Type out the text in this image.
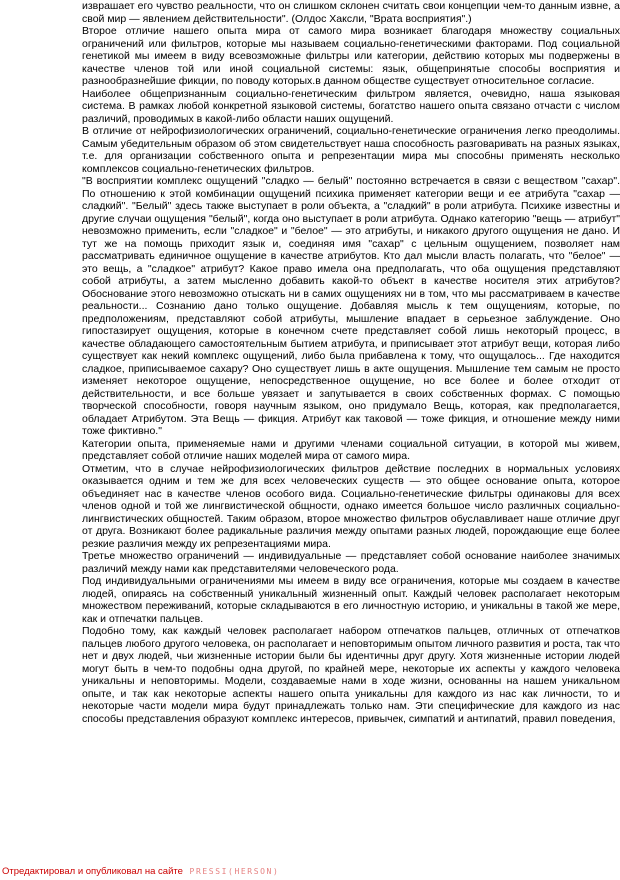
изврашает его чувство реальности, что он слишком склонен считать свои концепции чем-то данным извне, а свой мир — явлением действительности". (Олдос Хаксли, "Врата восприятия".)

Второе отличие нашего опыта мира от самого мира возникает благодаря множеству социальных ограничений или фильтров, которые мы называем социально-генетическими факторами. Под социальной генетикой мы имеем в виду всевозможные фильтры или категории, действию которых мы подвержены в качестве членов той или иной социальной системы: язык, общепринятые способы восприятия и разнообразнейшие фикции, по поводу которых.в данном обществе существует относительное согласие.

Наиболее общепризнанным социально-генетическим фильтром является, очевидно, наша языковая система. В рамках любой конкретной языковой системы, богатство нашего опыта связано отчасти с числом различий, проводимых в какой-либо области наших ощущений.

В отличие от нейрофизиологических ограничений, социально-генетические ограничения легко преодолимы. Самым убедительным образом об этом свидетельствует наша способность разговаривать на разных языках, т.е. для организации собственного опыта и репрезентации мира мы способны применять несколько комплексов социально-генетических фильтров.

"В восприятии комплекс ощущений "сладко — белый" постоянно встречается в связи с веществом "сахар". По отношению к этой комбинации ощущений психика применяет категории вещи и ее атрибута "сахар — сладкий". "Белый" здесь также выступает в роли объекта, а "сладкий" в роли атрибута. Психике известны и другие случаи ощущения "белый", когда оно выступает в роли атрибута. Однако категорию "вещь — атрибут" невозможно применить, если "сладкое" и "белое" — это атрибуты, и никакого другого ощущения не дано. И тут же на помощь приходит язык и, соединяя имя "сахар" с цельным ощущением, позволяет нам рассматривать единичное ощущение в качестве атрибутов. Кто дал мысли власть полагать, что "белое" — это вещь, а "сладкое" атрибут? Какое право имела она предполагать, что оба ощущения представляют собой атрибуты, а затем мысленно добавить какой-то объект в качестве носителя этих атрибутов? Обоснование этого невозможно отыскать ни в самих ощущениях ни в том, что мы рассматриваем в качестве реальности... Сознанию дано только ощущение. Добавляя мысль к тем ощущениям, которые, по предположениям, представляют собой атрибуты, мышление впадает в серьезное заблуждение. Оно гипостазирует ощущения, которые в конечном счете представляет собой лишь некоторый процесс, в качестве обладающего самостоятельным бытием атрибута, и приписывает этот атрибут вещи, которая либо существует как некий комплекс ощущений, либо была прибавлена к тому, что ощущалось... Где находится сладкое, приписываемое сахару? Оно существует лишь в акте ощущения. Мышление тем самым не просто изменяет некоторое ощущение, непосредственное ощущение, но все более и более отходит от действительности, и все больше увязает и запутывается в своих собственных формах. С помощью творческой способности, говоря научным языком, оно придумало Вещь, которая, как предполагается, обладает Атрибутом. Эта Вещь — фикция. Атрибут как таковой — тоже фикция, и отношение между ними тоже фиктивно."

Категории опыта, применяемые нами и другими членами социальной ситуации, в которой мы живем, представляет собой отличие наших моделей мира от самого мира.

Отметим, что в случае нейрофизиологических фильтров действие последних в нормальных условиях оказывается одним и тем же для всех человеческих существ — это общее основание опыта, которое объединяет нас в качестве членов особого вида. Социально-генетические фильтры одинаковы для всех членов одной и той же лингвистической общности, однако имеется большое число различных социально-лингвистических общностей. Таким образом, второе множество фильтров обуславливает наше отличие друг от друга. Возникают более радикальные различия между опытами разных людей, порождающие еще более резкие различия между их репрезентациями мира.

Третье множество ограничений — индивидуальные — представляет собой основание наиболее значимых различий между нами как представителями человеческого рода.

Под индивидуальными ограничениями мы имеем в виду все ограничения, которые мы создаем в качестве людей, опираясь на собственный уникальный жизненный опыт. Каждый человек располагает некоторым множеством переживаний, которые складываются в его личностную историю, и уникальны в такой же мере, как и отпечатки пальцев.

Подобно тому, как каждый человек располагает набором отпечатков пальцев, отличных от отпечатков пальцев любого другого человека, он располагает и неповторимым опытом личного развития и роста, так что нет и двух людей, чьи жизненные истории были бы идентичны друг другу. Хотя жизненные истории людей могут быть в чем-то подобны одна другой, по крайней мере, некоторые их аспекты у каждого человека уникальны и неповторимы. Модели, создаваемые нами в ходе жизни, основанны на нашем уникальном опыте, и так как некоторые аспекты нашего опыта уникальны для каждого из нас как личности, то и некоторые части модели мира будут принадлежать только нам. Эти специфические для каждого из нас способы представления образуют комплекс интересов, привычек, симпатий и антипатий, правил поведения,

Отредактировал и опубликовал на сайте PRESSI(HERSON)
